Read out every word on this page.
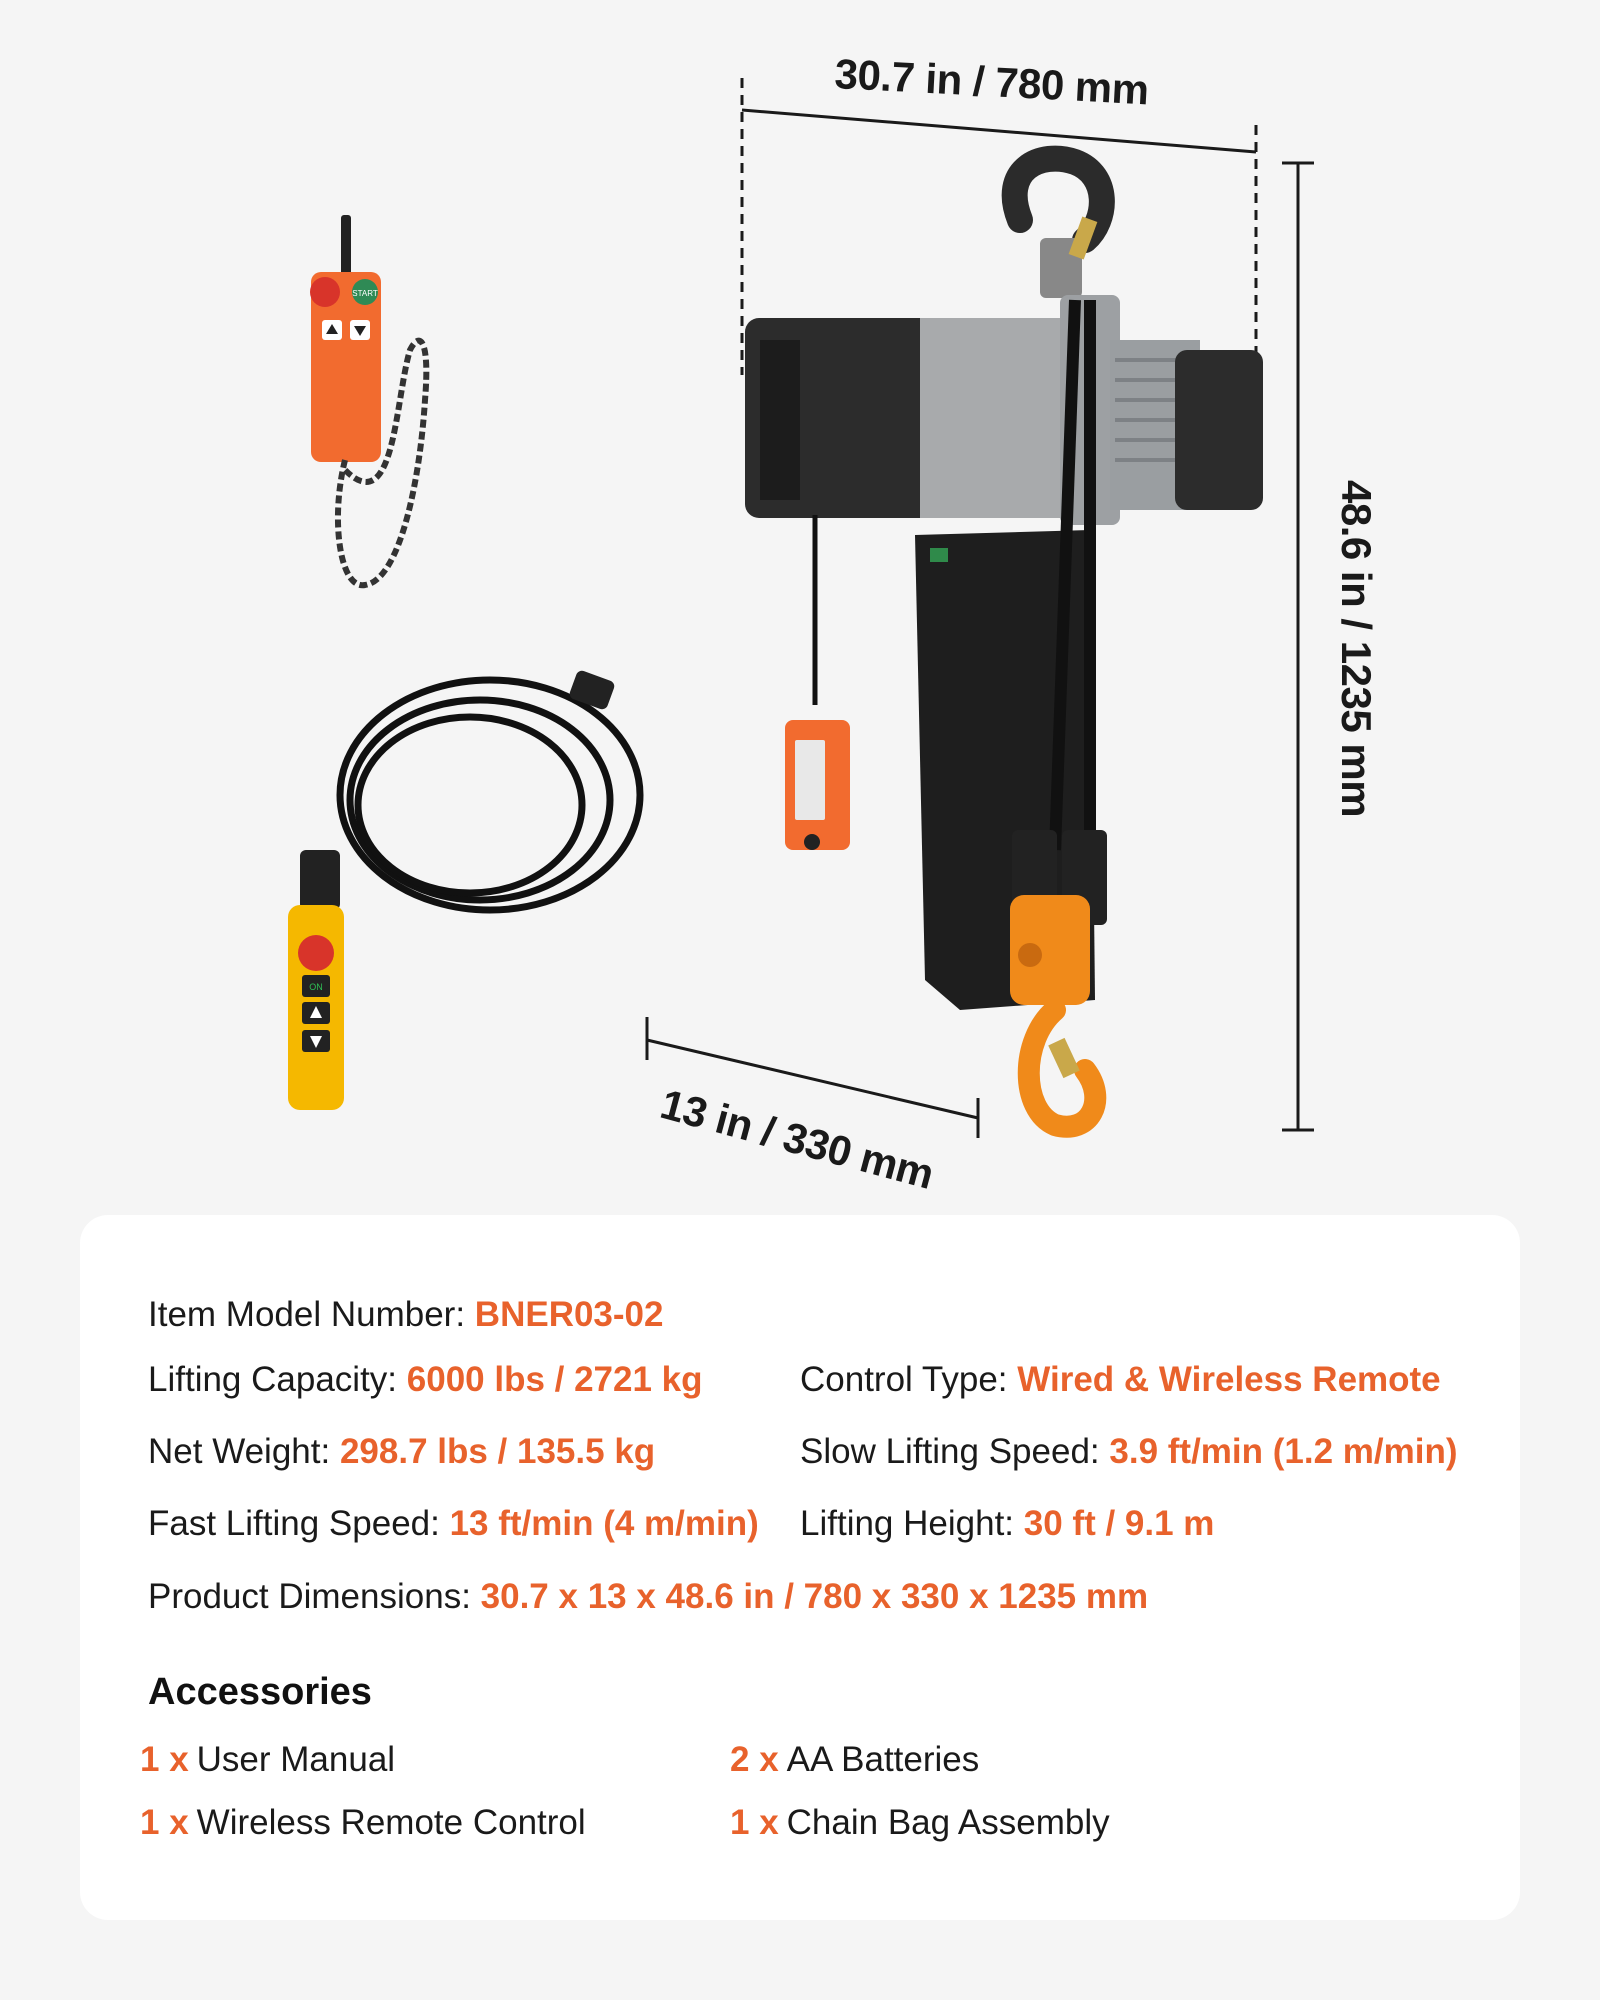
START
ON
30.7 in / 780 mm
13 in / 330 mm
48.6 in / 1235 mm
Item Model Number: BNER03-02
Lifting Capacity: 6000 lbs / 2721 kg	Control Type: Wired & Wireless Remote
Net Weight: 298.7 lbs / 135.5 kg	Slow Lifting Speed: 3.9 ft/min (1.2 m/min)
Fast Lifting Speed: 13 ft/min (4 m/min) Lifting Height: 30 ft / 9.1 m
Product Dimensions: 30.7 x 13 x 48.6 in / 780 x 330 x 1235 mm
Accessories
1 x User Manual	2 x AA Batteries
1 x Wireless Remote Control	1 x Chain Bag Assembly
